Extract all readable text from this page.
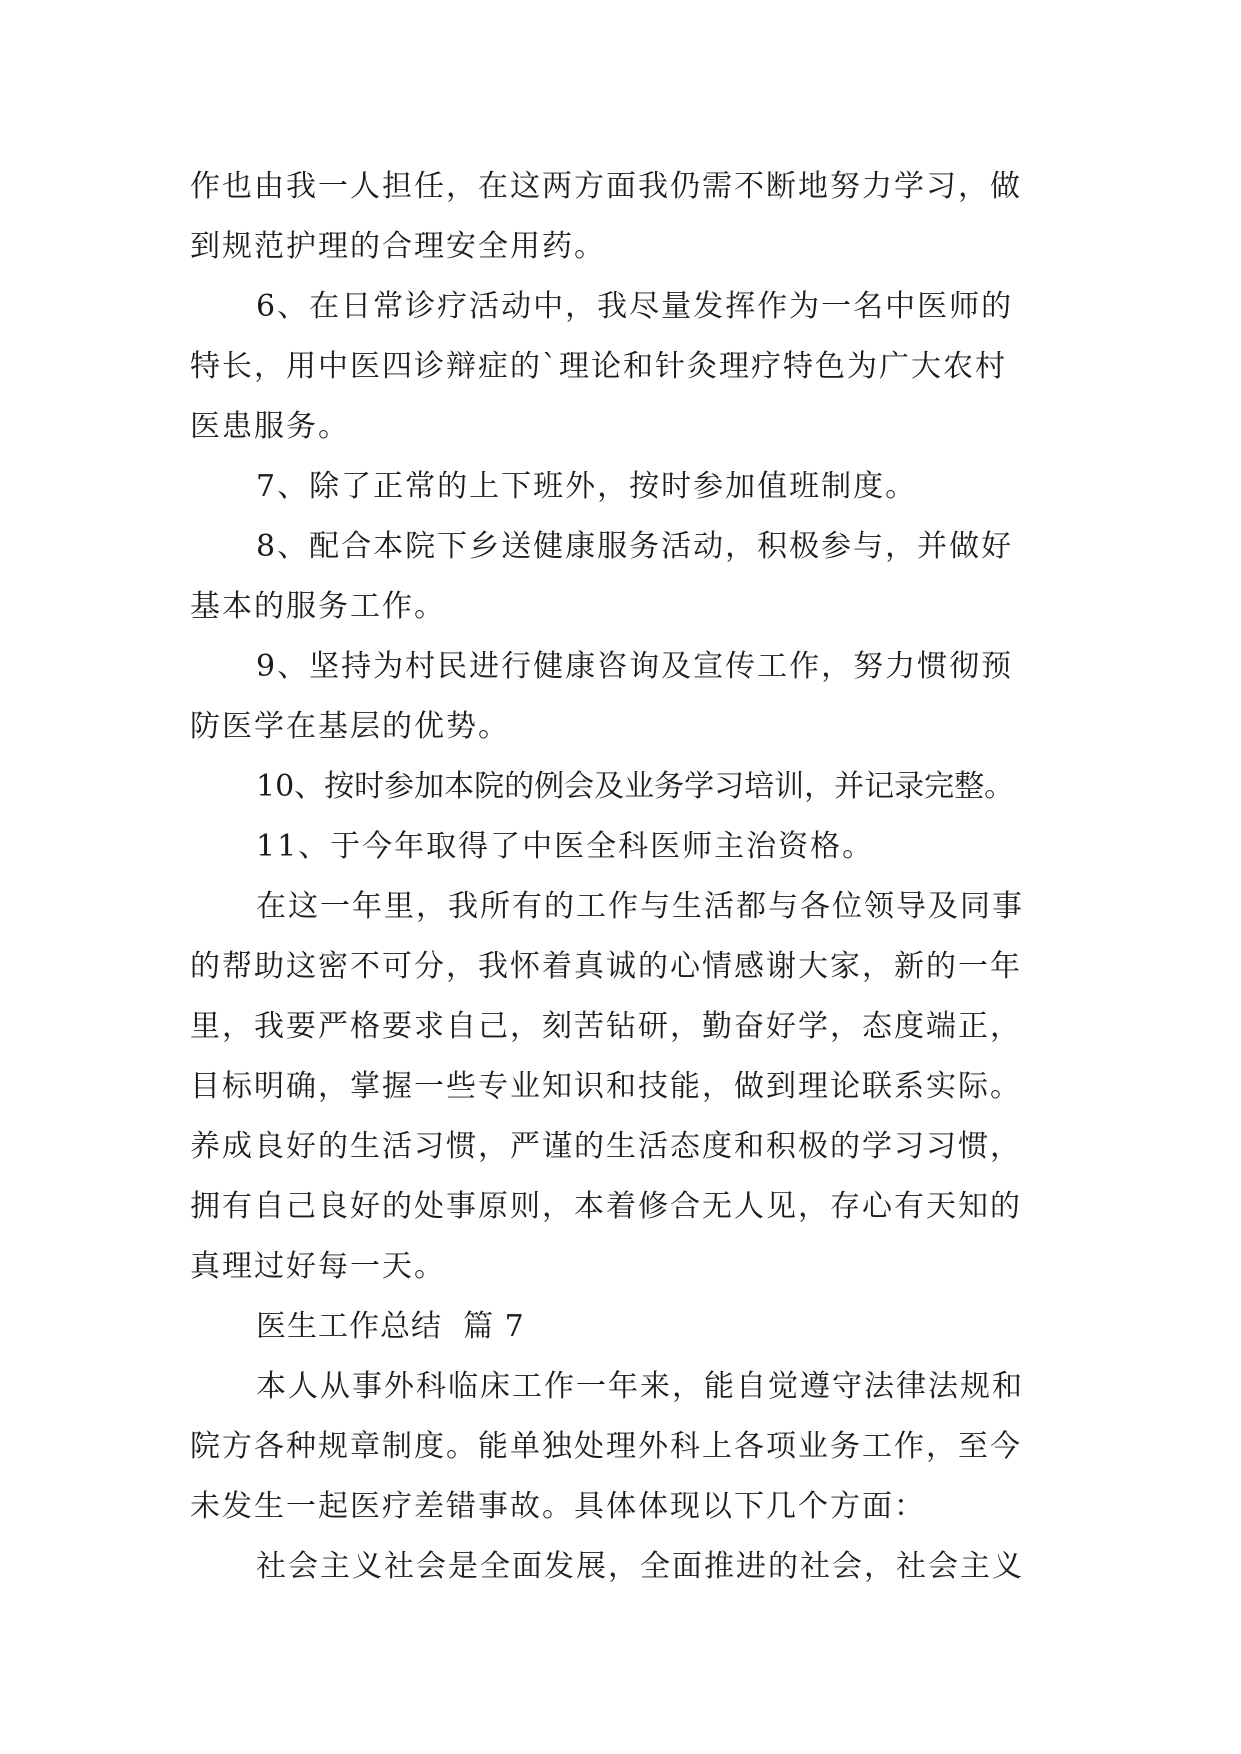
作也由我一人担任，在这两方面我仍需不断地努力学习，做
到规范护理的合理安全用药。
6、在日常诊疗活动中，我尽量发挥作为一名中医师的
特长，用中医四诊辩症的`理论和针灸理疗特色为广大农村
医患服务。
7、除了正常的上下班外，按时参加值班制度。
8、配合本院下乡送健康服务活动，积极参与，并做好
基本的服务工作。
9、坚持为村民进行健康咨询及宣传工作，努力惯彻预
防医学在基层的优势。
10、按时参加本院的例会及业务学习培训，并记录完整。
11、于今年取得了中医全科医师主治资格。
在这一年里，我所有的工作与生活都与各位领导及同事
的帮助这密不可分，我怀着真诚的心情感谢大家，新的一年
里，我要严格要求自己，刻苦钻研，勤奋好学，态度端正，
目标明确，掌握一些专业知识和技能，做到理论联系实际。
养成良好的生活习惯，严谨的生活态度和积极的学习习惯，
拥有自己良好的处事原则，本着修合无人见，存心有天知的
真理过好每一天。
医生工作总结  篇 7
本人从事外科临床工作一年来，能自觉遵守法律法规和
院方各种规章制度。能单独处理外科上各项业务工作，至今
未发生一起医疗差错事故。具体体现以下几个方面：
社会主义社会是全面发展，全面推进的社会，社会主义
